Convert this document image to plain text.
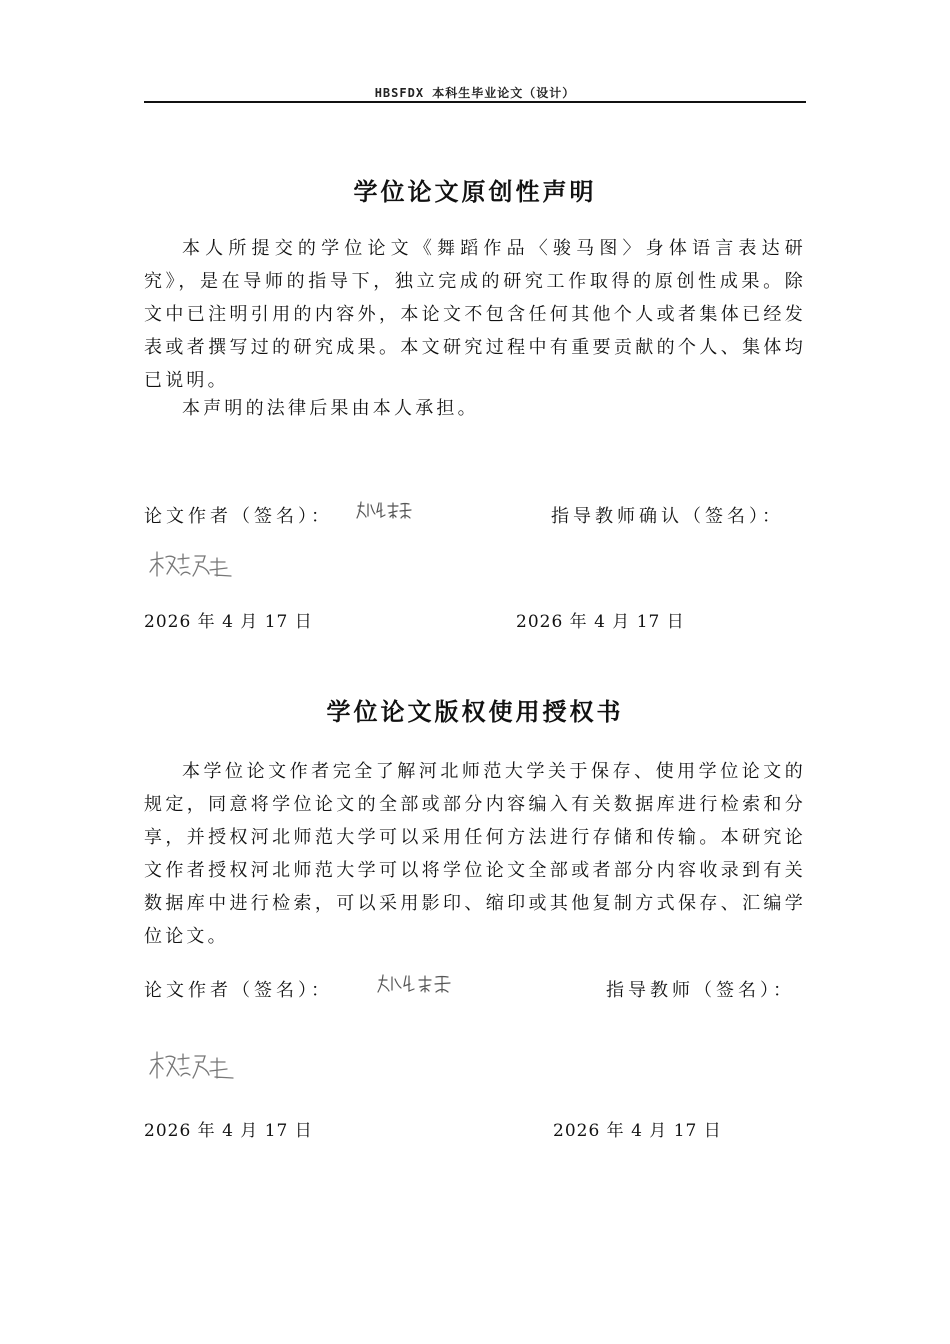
HBSFDX 本科生毕业论文（设计）
学位论文原创性声明
本人所提交的学位论文《舞蹈作品〈骏马图〉身体语言表达研究》，是在导师的指导下，独立完成的研究工作取得的原创性成果。除文中已注明引用的内容外，本论文不包含任何其他个人或者集体已经发表或者撰写过的研究成果。本文研究过程中有重要贡献的个人、集体均已说明。
本声明的法律后果由本人承担。
论文作者（签名）：	指导教师确认（签名）：
2026 年 4 月 17 日	2026 年 4 月 17 日
学位论文版权使用授权书
本学位论文作者完全了解河北师范大学关于保存、使用学位论文的规定，同意将学位论文的全部或部分内容编入有关数据库进行检索和分享，并授权河北师范大学可以采用任何方法进行存储和传输。本研究论文作者授权河北师范大学可以将学位论文全部或者部分内容收录到有关数据库中进行检索，可以采用影印、缩印或其他复制方式保存、汇编学位论文。
论文作者（签名）：	指导教师（签名）：
2026 年 4 月 17 日	2026 年 4 月 17 日
